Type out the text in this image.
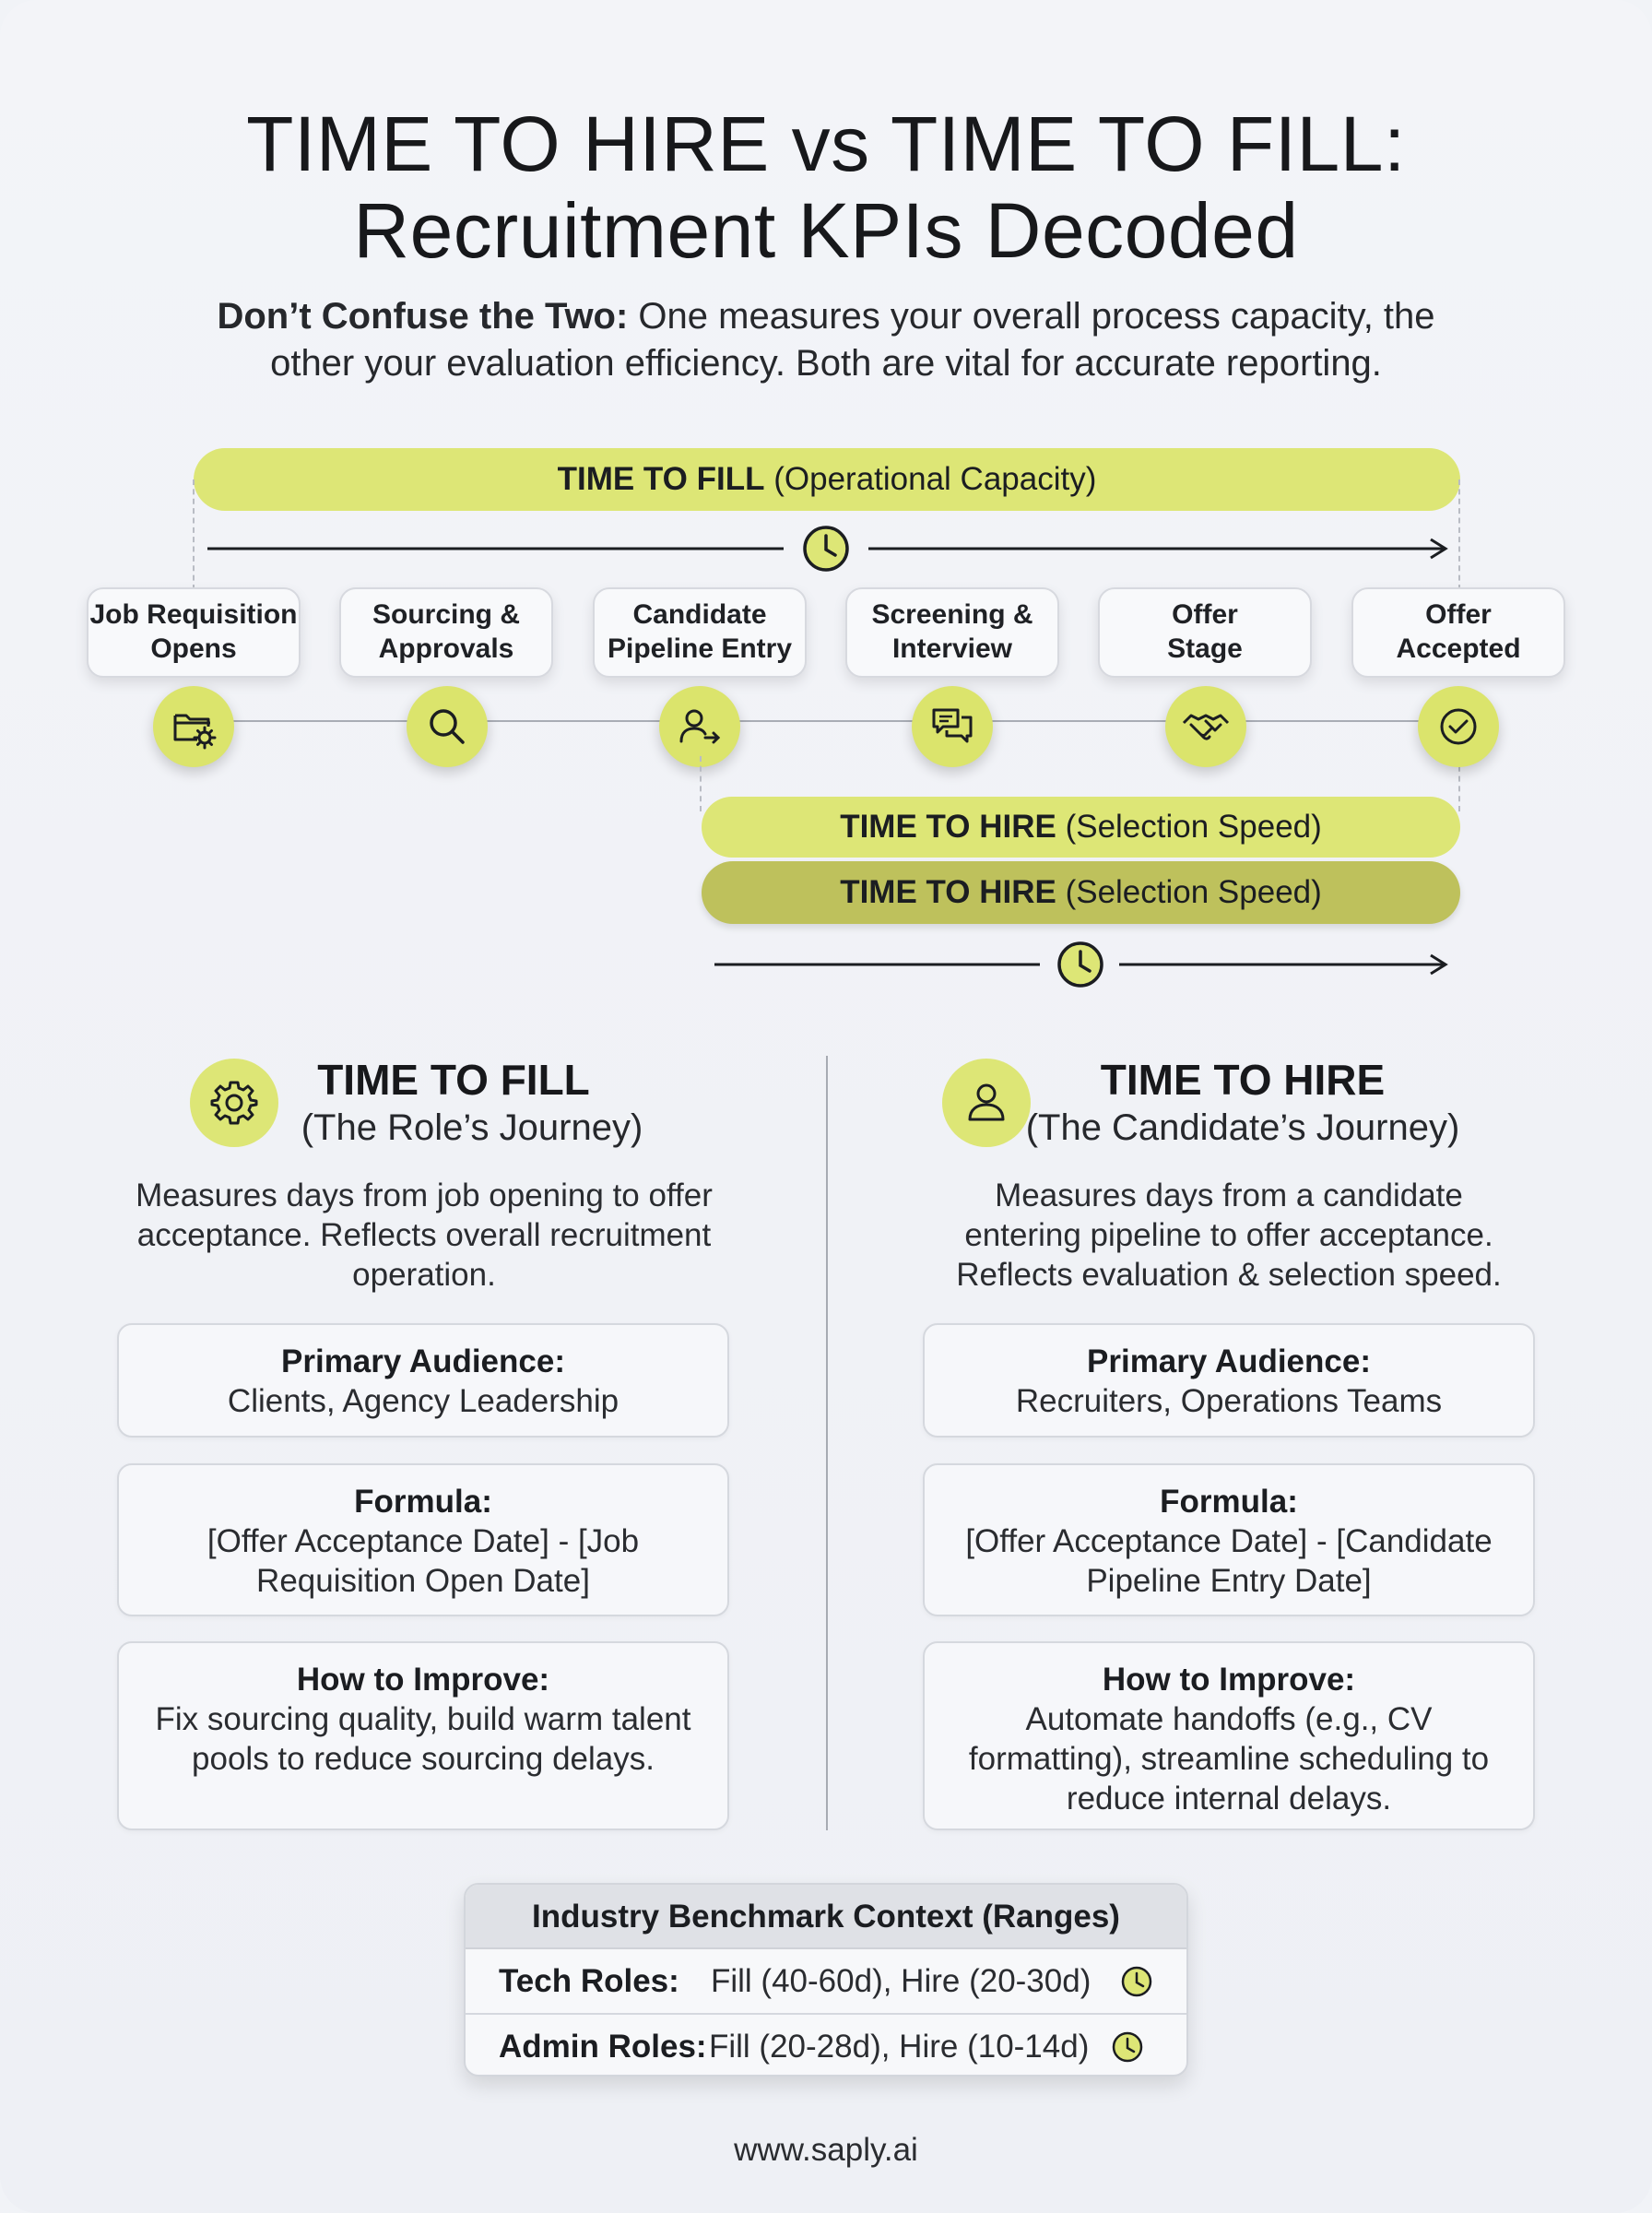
TIME TO HIRE vs TIME TO FILL:
Recruitment KPIs Decoded
Don’t Confuse the Two: One measures your overall process capacity, the
other your evaluation efficiency. Both are vital for accurate reporting.
TIME TO FILL (Operational Capacity)
Job Requisition
Opens
Sourcing &
Approvals
Candidate
Pipeline Entry
Screening &
Interview
Offer
Stage
Offer
Accepted
TIME TO HIRE (Selection Speed)
TIME TO HIRE (Selection Speed)
TIME TO FILL
(The Role’s Journey)
Measures days from job opening to offer
acceptance. Reflects overall recruitment
operation.
Primary Audience:
Clients, Agency Leadership
Formula:
[Offer Acceptance Date] - [Job
Requisition Open Date]
How to Improve:
Fix sourcing quality, build warm talent
pools to reduce sourcing delays.
TIME TO HIRE
(The Candidate’s Journey)
Measures days from a candidate
entering pipeline to offer acceptance.
Reflects evaluation & selection speed.
Primary Audience:
Recruiters, Operations Teams
Formula:
[Offer Acceptance Date] - [Candidate
Pipeline Entry Date]
How to Improve:
Automate handoffs (e.g., CV
formatting), streamline scheduling to
reduce internal delays.
Industry Benchmark Context (Ranges)
Tech Roles: Fill (40-60d), Hire (20-30d)
Admin Roles: Fill (20-28d), Hire (10-14d)
www.saply.ai
